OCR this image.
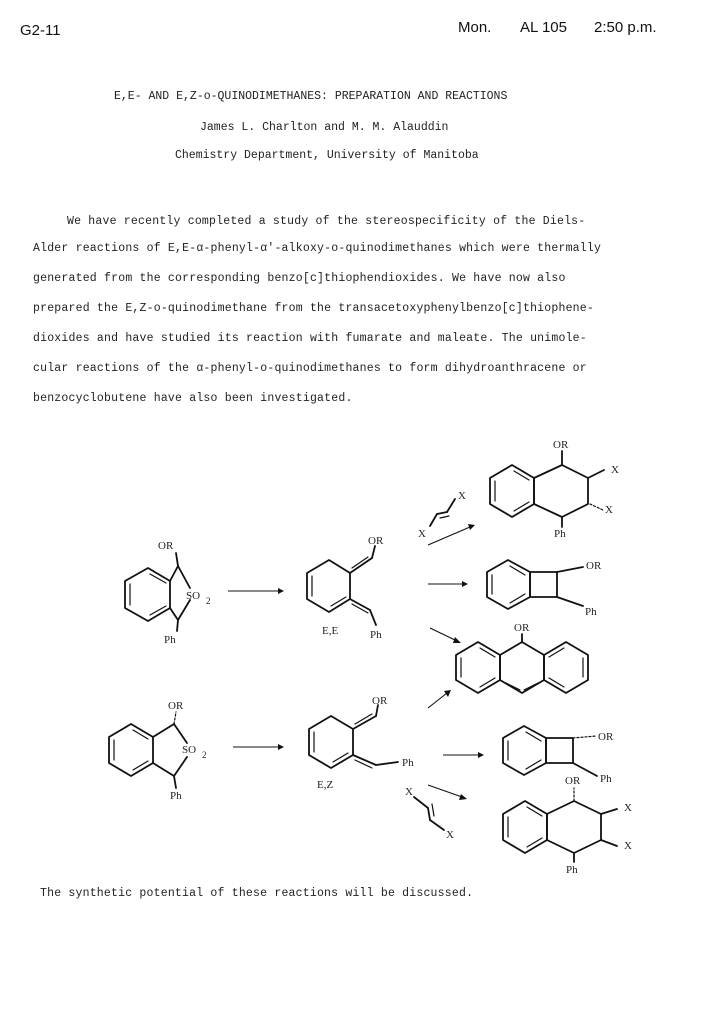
G2-11	Mon. AL 105 2:50 p.m.
E,E- AND E,Z-o-QUINODIMETHANES: PREPARATION AND REACTIONS
James L. Charlton and M. M. Alauddin
Chemistry Department, University of Manitoba
We have recently completed a study of the stereospecificity of the Diels-
Alder reactions of E,E-α-phenyl-α'-alkoxy-o-quinodimethanes which were thermally
generated from the corresponding benzo[c]thiophendioxides. We have now also
prepared the E,Z-o-quinodimethane from the transacetoxyphenylbenzo[c]thiophene-
dioxides and have studied its reaction with fumarate and maleate. The unimole-
cular reactions of the α-phenyl-o-quinodimethanes to form dihydroanthracene or
benzocyclobutene have also been investigated.
OR
SO 2
Ph
OR
E,E	Ph
X
X
OR
X
X
Ph
OR
Ph
OR
OR
SO 2
Ph
OR
Ph
E,Z
OR
Ph
X
X
OR
X
X
Ph
The synthetic potential of these reactions will be discussed.
